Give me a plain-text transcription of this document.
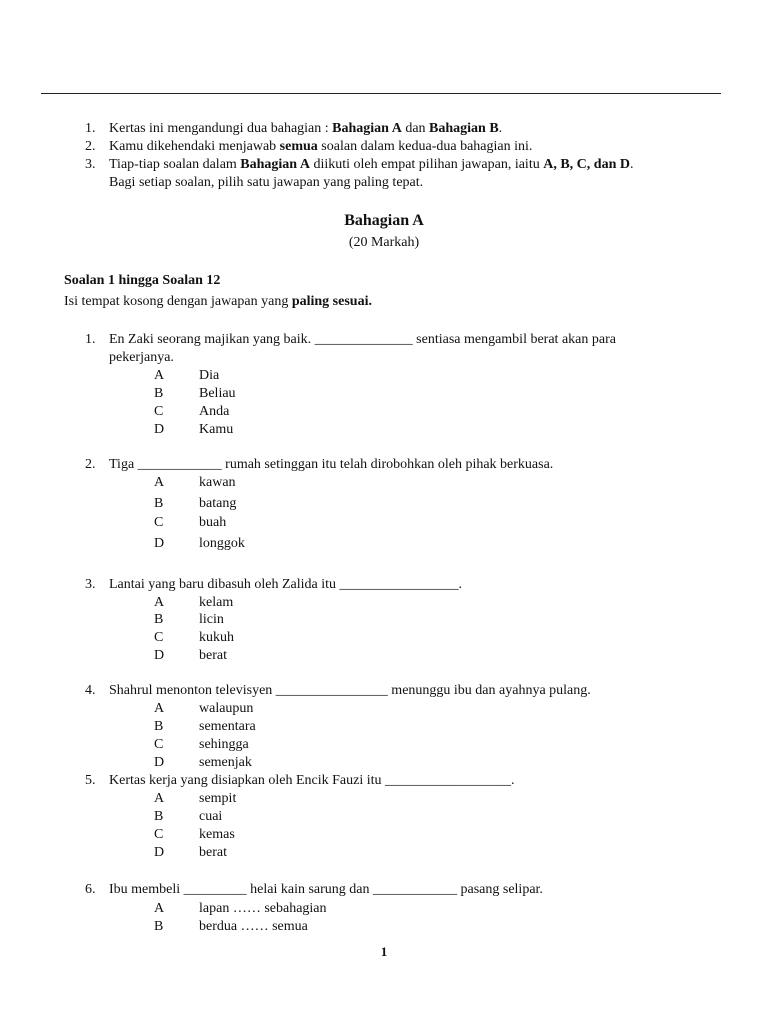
1. Kertas ini mengandungi dua bahagian : Bahagian A dan Bahagian B.
2. Kamu dikehendaki menjawab semua soalan dalam kedua-dua bahagian ini.
3. Tiap-tiap soalan dalam Bahagian A diikuti oleh empat pilihan jawapan, iaitu A, B, C, dan D.
Bagi setiap soalan, pilih satu jawapan yang paling tepat.
Bahagian A
(20 Markah)
Soalan 1 hingga Soalan 12
Isi tempat kosong dengan jawapan yang paling sesuai.
1. En Zaki seorang majikan yang baik. ______________ sentiasa mengambil berat akan para
pekerjanya.
A Dia
B	Beliau
C	Anda
D Kamu
2. Tiga ____________ rumah setinggan itu telah dirobohkan oleh pihak berkuasa.
A kawan
B	batang
C	buah
D longgok
3. Lantai yang baru dibasuh oleh Zalida itu _________________.
A kelam
B	licin
C	kukuh
D berat
4. Shahrul menonton televisyen ________________ menunggu ibu dan ayahnya pulang.
A walaupun
B	sementara
C	sehingga
D semenjak
5. Kertas kerja yang disiapkan oleh Encik Fauzi itu __________________.
A sempit
B	cuai
C	kemas
D berat
6. Ibu membeli _________ helai kain sarung dan ____________ pasang selipar.
A lapan …… sebahagian
B	berdua …… semua
1
